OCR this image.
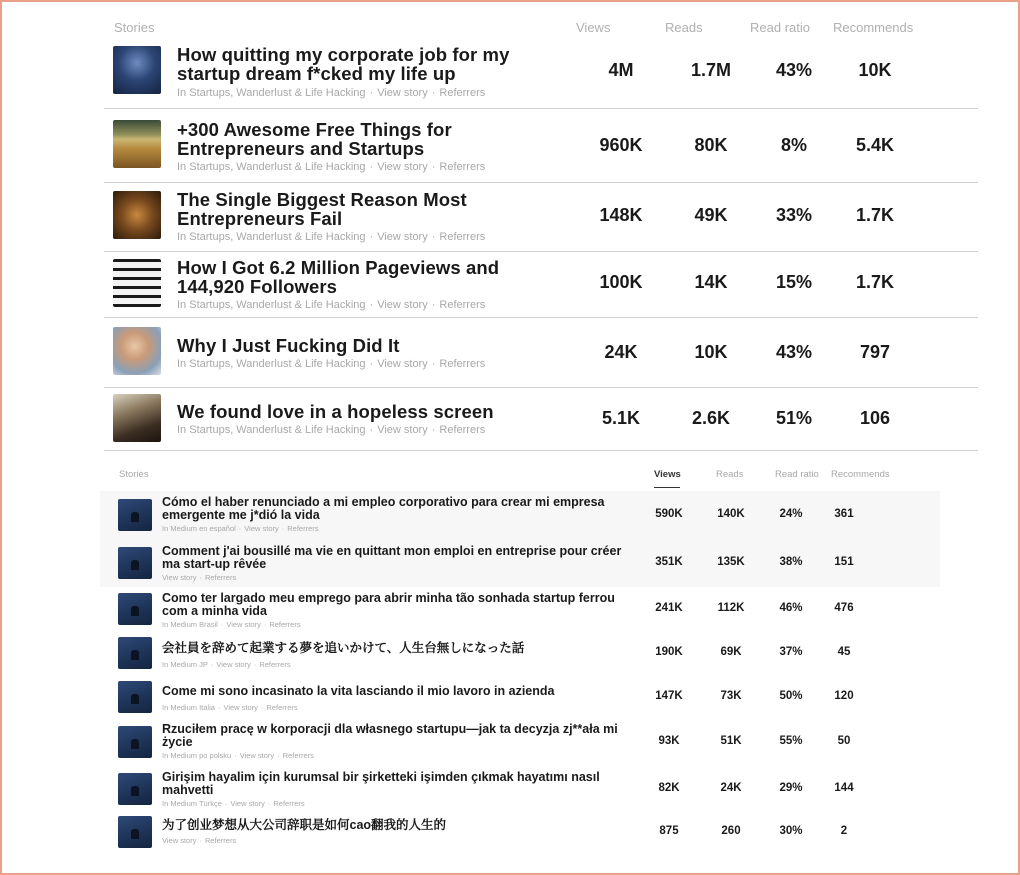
Stories	Views	Reads	Read ratio Recommends
How quitting my corporate job for my startup dream f*cked my life up
In Startups, Wanderlust & Life Hacking · View story · Referrers
4M	1.7M	43%	10K
+300 Awesome Free Things for Entrepreneurs and Startups
In Startups, Wanderlust & Life Hacking · View story · Referrers
960K	80K	8%	5.4K
The Single Biggest Reason Most Entrepreneurs Fail
In Startups, Wanderlust & Life Hacking · View story · Referrers
148K	49K	33%	1.7K
How I Got 6.2 Million Pageviews and 144,920 Followers
In Startups, Wanderlust & Life Hacking · View story · Referrers
100K	14K	15%	1.7K
Why I Just Fucking Did It
In Startups, Wanderlust & Life Hacking · View story · Referrers
24K	10K	43%	797
We found love in a hopeless screen
In Startups, Wanderlust & Life Hacking · View story · Referrers
5.1K	2.6K	51%	106
Stories	Views	Reads	Read ratio Recommends
Cómo el haber renunciado a mi empleo corporativo para crear mi empresa emergente me j*dió la vida
In Medium en español · View story · Referrers
590K	140K	24%	361
Comment j'ai bousillé ma vie en quittant mon emploi en entreprise pour créer ma start-up rêvée
View story · Referrers
351K	135K	38%	151
Como ter largado meu emprego para abrir minha tão sonhada startup ferrou com a minha vida
In Medium Brasil · View story · Referrers
241K	112K	46%	476
会社員を辞めて起業する夢を追いかけて、人生台無しになった話
In Medium JP · View story · Referrers
190K	69K	37%	45
Come mi sono incasinato la vita lasciando il mio lavoro in azienda
In Medium Italia · View story · Referrers
147K	73K	50%	120
Rzuciłem pracę w korporacji dla własnego startupu—jak ta decyzja zj**ała mi życie
In Medium po polsku · View story · Referrers
93K	51K	55%	50
Girişim hayalim için kurumsal bir şirketteki işimden çıkmak hayatımı nasıl mahvetti
In Medium Türkçe · View story · Referrers
82K	24K	29%	144
为了创业梦想从大公司辞职是如何cao翻我的人生的
View story · Referrers
875	260	30%	2
